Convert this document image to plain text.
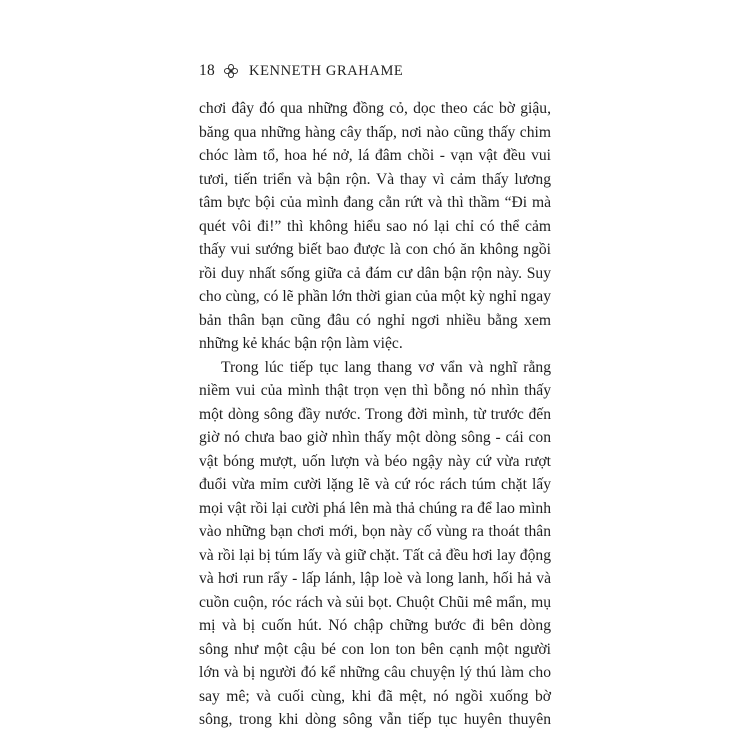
18 KENNETH GRAHAME
chơi đây đó qua những đồng cỏ, dọc theo các bờ giậu,
băng qua những hàng cây thấp, nơi nào cũng thấy chim
chóc làm tổ, hoa hé nở, lá đâm chồi - vạn vật đều vui
tươi, tiến triển và bận rộn. Và thay vì cảm thấy lương
tâm bực bội của mình đang cằn rứt và thì thầm “Đi mà
quét vôi đi!” thì không hiểu sao nó lại chỉ có thể cảm
thấy vui sướng biết bao được là con chó ăn không ngồi
rồi duy nhất sống giữa cả đám cư dân bận rộn này. Suy
cho cùng, có lẽ phần lớn thời gian của một kỳ nghỉ ngay
bản thân bạn cũng đâu có nghỉ ngơi nhiều bằng xem
những kẻ khác bận rộn làm việc.
Trong lúc tiếp tục lang thang vơ vẩn và nghĩ rằng
niềm vui của mình thật trọn vẹn thì bỗng nó nhìn thấy
một dòng sông đầy nước. Trong đời mình, từ trước đến
giờ nó chưa bao giờ nhìn thấy một dòng sông - cái con
vật bóng mượt, uốn lượn và béo ngậy này cứ vừa rượt
đuổi vừa mỉm cười lặng lẽ và cứ róc rách túm chặt lấy
mọi vật rồi lại cười phá lên mà thả chúng ra để lao mình
vào những bạn chơi mới, bọn này cố vùng ra thoát thân
và rồi lại bị túm lấy và giữ chặt. Tất cả đều hơi lay động
và hơi run rẩy - lấp lánh, lập loè và long lanh, hối hả và
cuồn cuộn, róc rách và sủi bọt. Chuột Chũi mê mẩn, mụ
mị và bị cuốn hút. Nó chập chững bước đi bên dòng
sông như một cậu bé con lon ton bên cạnh một người
lớn và bị người đó kể những câu chuyện lý thú làm cho
say mê; và cuối cùng, khi đã mệt, nó ngồi xuống bờ
sông, trong khi dòng sông vẫn tiếp tục huyên thuyên
